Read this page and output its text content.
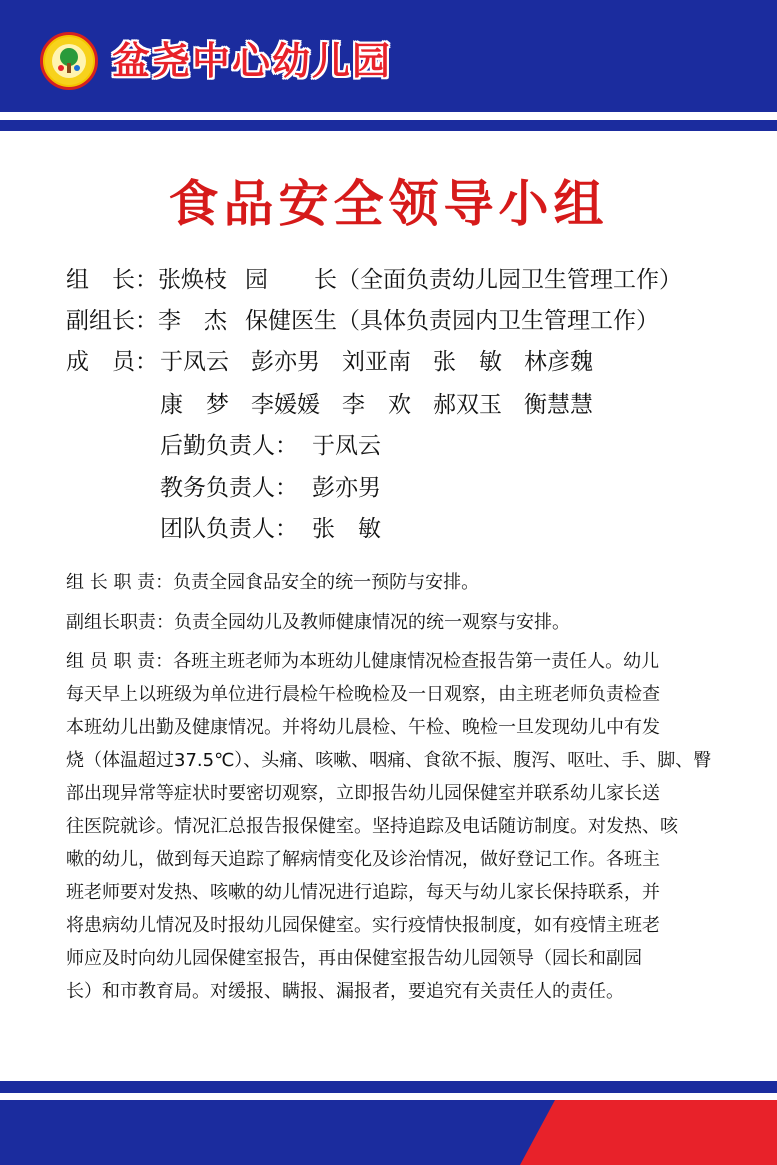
盆尧中心幼儿园
食品安全领导小组
组　长：张焕枝 园　　长（全面负责幼儿园卫生管理工作）
副组长：李　杰 保健医生（具体负责园内卫生管理工作）
成　员： 于凤云 彭亦男 刘亚南 张　敏 林彦魏
康　梦 李媛媛 李　欢 郝双玉 衡慧慧
后勤负责人： 于凤云
教务负责人： 彭亦男
团队负责人： 张　敏
组 长 职 责：负责全园食品安全的统一预防与安排。
副组长职责：负责全园幼儿及教师健康情况的统一观察与安排。
组 员 职 责：各班主班老师为本班幼儿健康情况检查报告第一责任人。幼儿
每天早上以班级为单位进行晨检午检晚检及一日观察，由主班老师负责检查
本班幼儿出勤及健康情况。并将幼儿晨检、午检、晚检一旦发现幼儿中有发
烧（体温超过37.5℃）、头痛、咳嗽、咽痛、食欲不振、腹泻、呕吐、手、脚、臀
部出现异常等症状时要密切观察，立即报告幼儿园保健室并联系幼儿家长送
往医院就诊。情况汇总报告报保健室。坚持追踪及电话随访制度。对发热、咳
嗽的幼儿，做到每天追踪了解病情变化及诊治情况，做好登记工作。各班主
班老师要对发热、咳嗽的幼儿情况进行追踪，每天与幼儿家长保持联系，并
将患病幼儿情况及时报幼儿园保健室。实行疫情快报制度，如有疫情主班老
师应及时向幼儿园保健室报告，再由保健室报告幼儿园领导（园长和副园
长）和市教育局。对缓报、瞒报、漏报者，要追究有关责任人的责任。
